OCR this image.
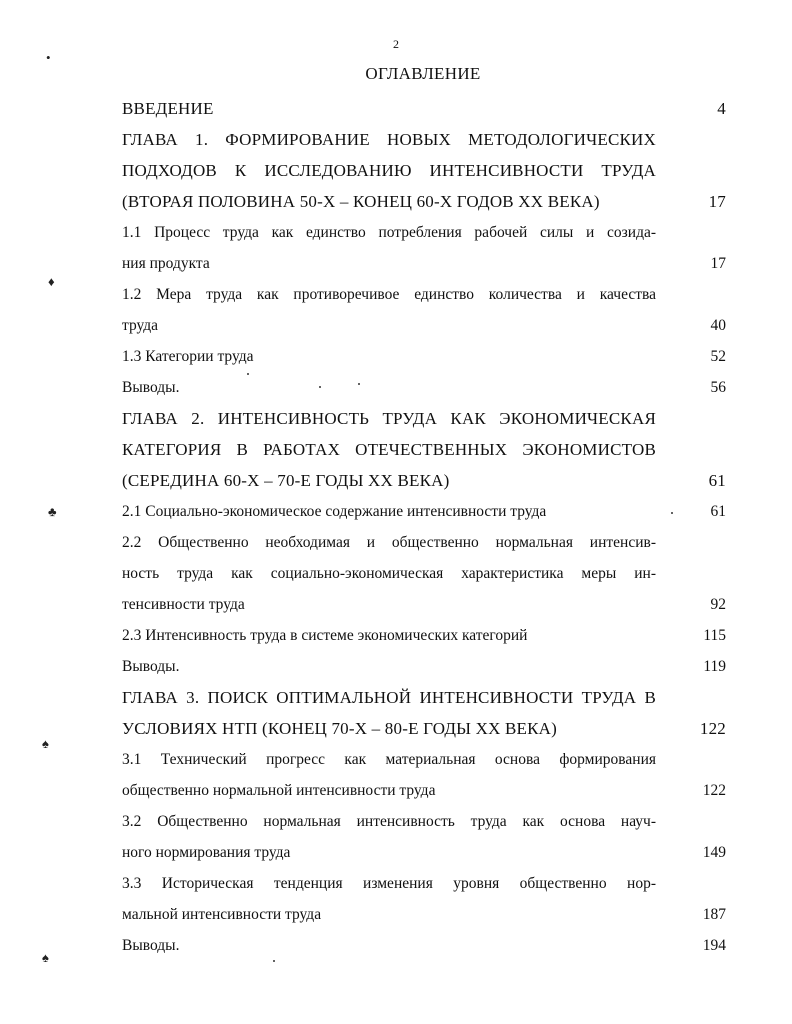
2
ОГЛАВЛЕНИЕ
ВВЕДЕНИЕ	4
ГЛАВА 1. ФОРМИРОВАНИЕ НОВЫХ МЕТОДОЛОГИЧЕСКИХ
ПОДХОДОВ К ИССЛЕДОВАНИЮ ИНТЕНСИВНОСТИ ТРУДА
(ВТОРАЯ ПОЛОВИНА 50-Х – КОНЕЦ 60-Х ГОДОВ XX ВЕКА)	17
1.1 Процесс труда как единство потребления рабочей силы и созида-
ния продукта	17
1.2 Мера труда как противоречивое единство количества и качества
труда	40
1.3 Категории труда	52
Выводы.	56
ГЛАВА 2. ИНТЕНСИВНОСТЬ ТРУДА КАК ЭКОНОМИЧЕСКАЯ
КАТЕГОРИЯ В РАБОТАХ ОТЕЧЕСТВЕННЫХ ЭКОНОМИСТОВ
(СЕРЕДИНА 60-Х – 70-Е ГОДЫ XX ВЕКА)	61
2.1 Социально-экономическое содержание интенсивности труда	61
2.2 Общественно необходимая и общественно нормальная интенсив-
ность труда как социально-экономическая характеристика меры ин-
тенсивности труда	92
2.3 Интенсивность труда в системе экономических категорий	115
Выводы.	119
ГЛАВА 3. ПОИСК ОПТИМАЛЬНОЙ ИНТЕНСИВНОСТИ ТРУДА В
УСЛОВИЯХ НТП (КОНЕЦ 70-Х – 80-Е ГОДЫ XX ВЕКА)	122
3.1 Технический прогресс как материальная основа формирования
общественно нормальной интенсивности труда	122
3.2 Общественно нормальная интенсивность труда как основа науч-
ного нормирования труда	149
3.3 Историческая тенденция изменения уровня общественно нор-
мальной интенсивности труда	187
Выводы.	194
•
♦
♣
♠
♠
